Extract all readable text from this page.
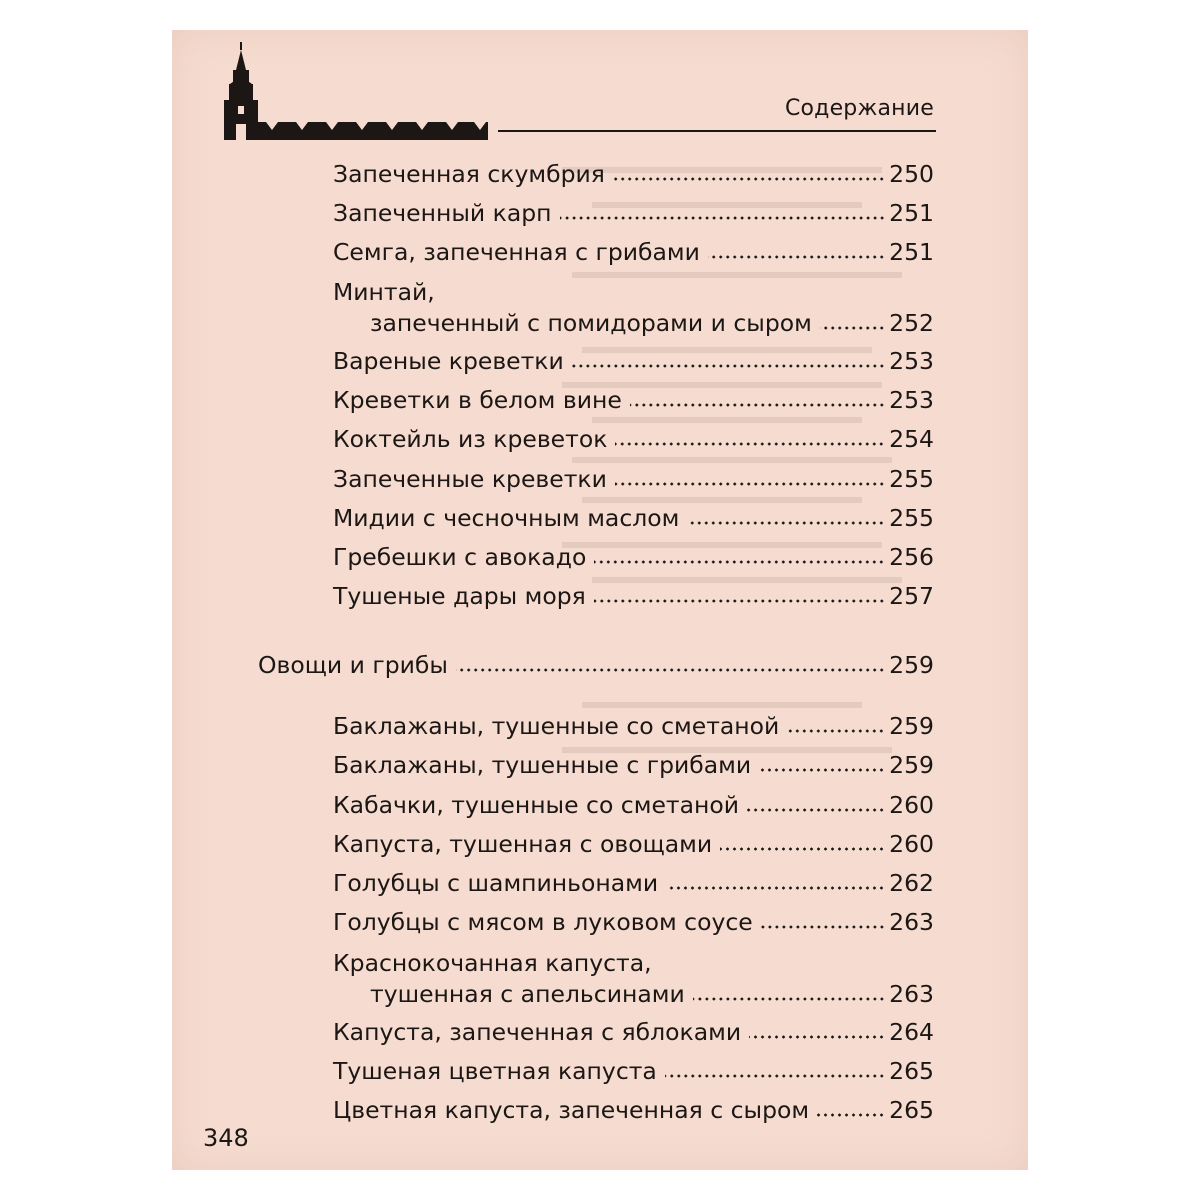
Содержание
Запеченная скумбрия	250
Запеченный карп	251
Семга, запеченная с грибами	251
Минтай,
запеченный с помидорами и сыром	252
Вареные креветки	253
Креветки в белом вине	253
Коктейль из креветок	254
Запеченные креветки	255
Мидии с чесночным маслом	255
Гребешки с авокадо	256
Тушеные дары моря	257
Овощи и грибы	259
Баклажаны, тушенные со сметаной	259
Баклажаны, тушенные с грибами	259
Кабачки, тушенные со сметаной	260
Капуста, тушенная с овощами	260
Голубцы с шампиньонами	262
Голубцы с мясом в луковом соусе	263
Краснокочанная капуста,
тушенная с апельсинами	263
Капуста, запеченная с яблоками	264
Тушеная цветная капуста	265
Цветная капуста, запеченная с сыром	265
348
